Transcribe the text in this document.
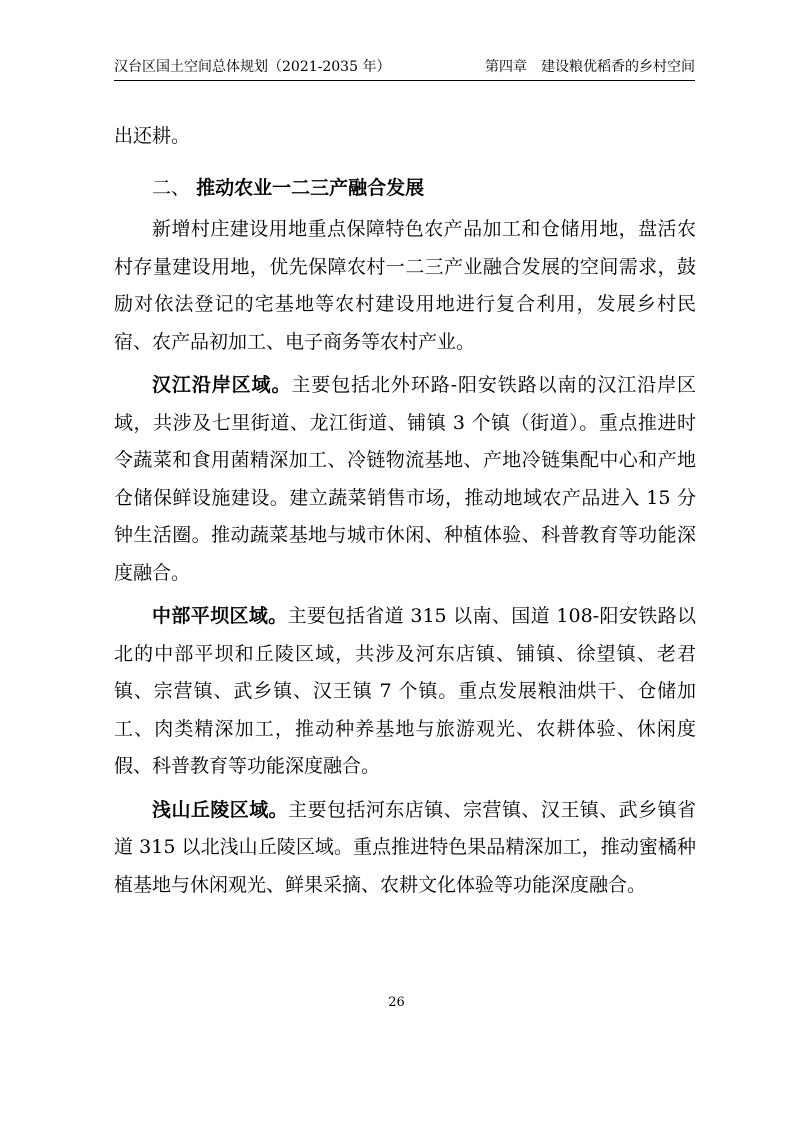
汉台区国土空间总体规划（2021-2035 年）	第四章　建设粮优稻香的乡村空间

出还耕。

二、 推动农业一二三产融合发展

新增村庄建设用地重点保障特色农产品加工和仓储用地，盘活农村存量建设用地，优先保障农村一二三产业融合发展的空间需求，鼓励对依法登记的宅基地等农村建设用地进行复合利用，发展乡村民宿、农产品初加工、电子商务等农村产业。

汉江沿岸区域。主要包括北外环路-阳安铁路以南的汉江沿岸区域，共涉及七里街道、龙江街道、铺镇 3 个镇（街道）。重点推进时令蔬菜和食用菌精深加工、冷链物流基地、产地冷链集配中心和产地仓储保鲜设施建设。建立蔬菜销售市场，推动地域农产品进入 15 分钟生活圈。推动蔬菜基地与城市休闲、种植体验、科普教育等功能深度融合。

中部平坝区域。主要包括省道 315 以南、国道 108-阳安铁路以北的中部平坝和丘陵区域，共涉及河东店镇、铺镇、徐望镇、老君镇、宗营镇、武乡镇、汉王镇 7 个镇。重点发展粮油烘干、仓储加工、肉类精深加工，推动种养基地与旅游观光、农耕体验、休闲度假、科普教育等功能深度融合。

浅山丘陵区域。主要包括河东店镇、宗营镇、汉王镇、武乡镇省道 315 以北浅山丘陵区域。重点推进特色果品精深加工，推动蜜橘种植基地与休闲观光、鲜果采摘、农耕文化体验等功能深度融合。

26
